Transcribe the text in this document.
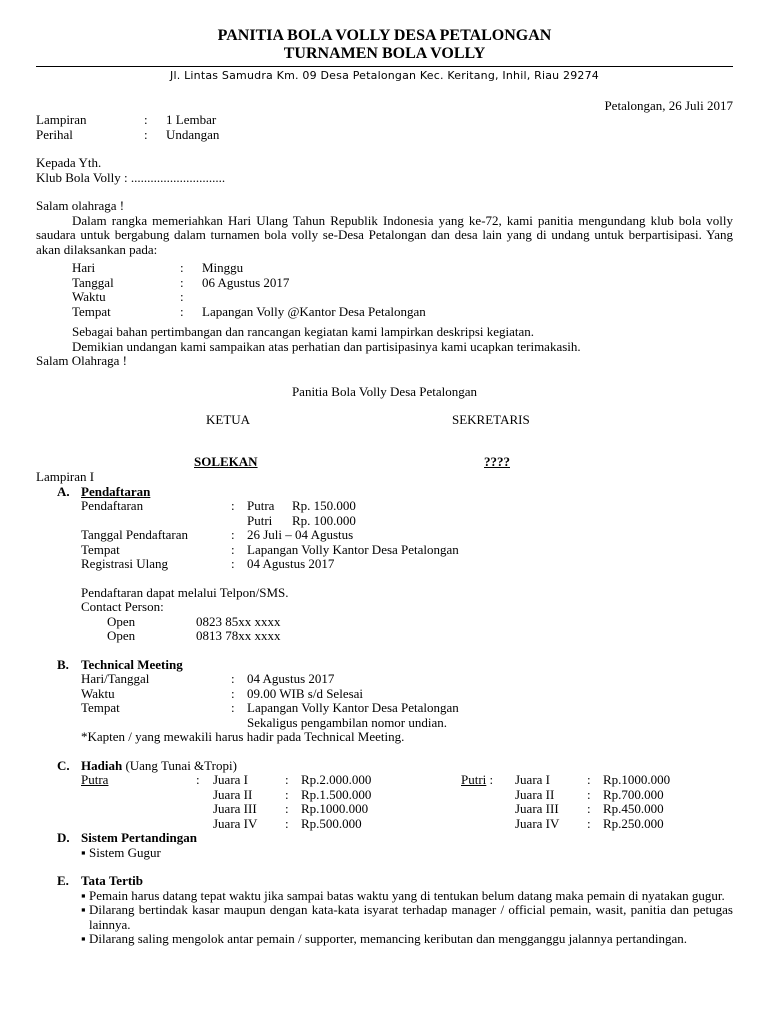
PANITIA BOLA VOLLY DESA PETALONGAN
TURNAMEN BOLA VOLLY
Jl. Lintas Samudra Km. 09 Desa Petalongan Kec. Keritang, Inhil, Riau 29274
Petalongan, 26 Juli 2017
Lampiran	:	1 Lembar
Perihal	:	Undangan
Kepada Yth.
Klub Bola Volly : .............................
Salam olahraga !
Dalam rangka memeriahkan Hari Ulang Tahun Republik Indonesia yang ke-72, kami panitia mengundang klub bola volly saudara untuk bergabung dalam turnamen bola volly se-Desa Petalongan dan desa lain yang di undang untuk berpartisipasi. Yang akan dilaksankan pada:
Hari	:	Minggu
Tanggal	:	06 Agustus 2017
Waktu	:
Tempat	:	Lapangan Volly @Kantor Desa Petalongan
Sebagai bahan pertimbangan dan rancangan kegiatan kami lampirkan deskripsi kegiatan.
Demikian undangan kami sampaikan atas perhatian dan partisipasinya kami ucapkan terimakasih.
Salam Olahraga !
Panitia Bola Volly Desa Petalongan
KETUA	SEKRETARIS
SOLEKAN	????
Lampiran I
A. Pendaftaran
Pendaftaran	: Putra	Rp. 150.000
Putri	Rp. 100.000
Tanggal Pendaftaran	: 26 Juli – 04 Agustus
Tempat	: Lapangan Volly Kantor Desa Petalongan
Registrasi Ulang	: 04 Agustus 2017
Pendaftaran dapat melalui Telpon/SMS.
Contact Person:
Open	0823 85xx xxxx
Open	0813 78xx xxxx
B. Technical Meeting
Hari/Tanggal	: 04 Agustus 2017
Waktu	: 09.00 WIB s/d Selesai
Tempat	: Lapangan Volly Kantor Desa Petalongan
Sekaligus pengambilan nomor undian.
*Kapten / yang mewakili harus hadir pada Technical Meeting.
C. Hadiah (Uang Tunai &Tropi)
Putra	: Juara I	: Rp.2.000.000
Juara II	: Rp.1.500.000
Juara III	: Rp.1000.000
Juara IV	: Rp.500.000
Putri : Juara I	: Rp.1000.000
Juara II	: Rp.700.000
Juara III	: Rp.450.000
Juara IV	: Rp.250.000
D. Sistem Pertandingan
▪ Sistem Gugur
E. Tata Tertib
▪ Pemain harus datang tepat waktu jika sampai batas waktu yang di tentukan belum datang maka pemain di nyatakan gugur.
▪ Dilarang bertindak kasar maupun dengan kata-kata isyarat terhadap manager / official pemain, wasit, panitia dan petugas lainnya.
▪ Dilarang saling mengolok antar pemain / supporter, memancing keributan dan mengganggu jalannya pertandingan.
